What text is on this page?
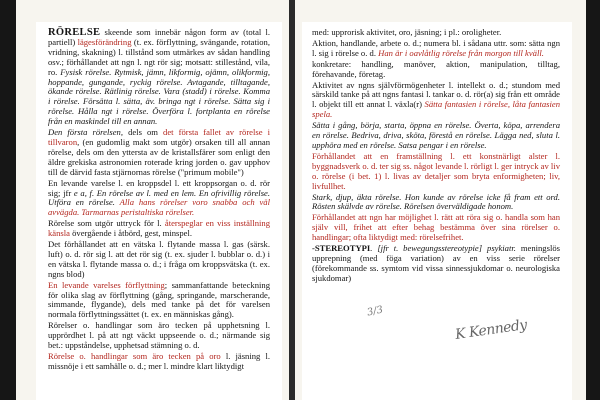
RÖRELSE skeende som innebär någon form av (total l. partiell) lägesförändring (t. ex. förflyttning, svängande, rotation, vridning, skakning) l. tillstånd som utmärkes av sådan handling osv.; förhållandet att ngn l. ngt rör sig; motsatt: stillestånd, vila, ro. Fysisk rörelse. Rytmisk, jämn, likformig, ojämn, olikformig, hoppande, gungande, ryckig rörelse. Avtagande, tilltagande, ökande rörelse. Rätlinig rörelse. Vara (stadd) i rörelse. Komma i rörelse. Försätta l. sätta, äv. bringa ngt i rörelse. Sätta sig i rörelse. Hålla ngt i rörelse. Överföra l. fortplanta en rörelse från en maskindel till en annan.

Den första rörelsen, dels om det första fallet av rörelse i tillvaron, (en gudomlig makt som utgör) orsaken till all annan rörelse, dels om den yttersta av de kristallsfärer som enligt den äldre grekiska astronomien roterade kring jorden o. gav upphov till de därvid fasta stjärnornas rörelse ("primum mobile")

En levande varelse l. en kroppsdel l. ett kroppsorgan o. d. rör sig; jfr e a, f. En rörelse av l. med en lem. En ofrivillig rörelse. Utföra en rörelse. Alla hans rörelser voro snabba och väl avvägda. Tarmarnas peristaltiska rörelser.

Rörelse som utgör uttryck för l. återspeglar en viss inställning känsla övergående i åtbörd, gest, minspel.

Det förhållandet att en vätska l. flytande massa l. gas (särsk. luft) o. d. rör sig l. att det rör sig (t. ex. sjuder l. bubblar o. d.) i en vätska l. flytande massa o. d.; i fråga om kroppsvätska (t. ex. ngns blod)

En levande varelses förflyttning; sammanfattande beteckning för olika slag av förflyttning (gång, springande, marscherande, simmande, flygande), dels med tanke på det för varelsen normala förflyttningssättet (t. ex. en människas gång).

Rörelser o. handlingar som äro tecken på upphetsning l. upprördhet l. på att ngt väckt uppseende o. d.; närmande sig bet.: uppståndelse, upphetsad stämning o. d.

Rörelse o. handlingar som äro tecken på oro l. jäsning l. missnöje i ett samhälle o. d.; mer l. mindre klart liktydigt

med: upprorisk aktivitet, oro, jäsning; i pl.: oroligheter.

Aktion, handlande, arbete o. d.; numera bl. i sådana uttr. som: sätta ngn l. sig i rörelse o. d. Han är i oavlåtlig rörelse från morgon till kväll.

konkretare: handling, manöver, aktion, manipulation, tilltag, förehavande, företag.

Aktivitet av ngns självförmögenheter l. intellekt o. d.; stundom med särskild tanke på att ngns fantasi l. tankar o. d. rör(a) sig från ett område l. objekt till ett annat l. växla(r) Sätta fantasien i rörelse, låta fantasien spela.

Sätta i gång, börja, starta, öppna en rörelse. Överta, köpa, arrendera en rörelse. Bedriva, driva, sköta, förestå en rörelse. Lägga ned, sluta l. upphöra med en rörelse. Satsa pengar i en rörelse.

Förhållandet att en framställning l. ett konstnärligt alster l. byggnadsverk o. d. ter sig ss. något levande l. rörligt l. ger intryck av liv o. rörelse (i bet. 1) l. livas av detaljer som bryta enformigheten; liv, livfullhet.

Stark, djup, äkta rörelse. Hon kunde av rörelse icke få fram ett ord. Rösten skälvde av rörelse. Rörelsen överväldigade honom.

Förhållandet att ngn har möjlighet l. rätt att röra sig o. handla som han själv vill, frihet att efter behag bestämma över sina rörelser o. handlingar; ofta liktydigt med: rörelsefrihet.

-STEREOTYPI. [jfr t. bewegungsstereotypie] psykiatr. meningslös upprepning (med föga variation) av en viss serie rörelser (förekommande ss. symtom vid vissa sinnessjukdomar o. neurologiska sjukdomar)

3/3
K Kennedy
